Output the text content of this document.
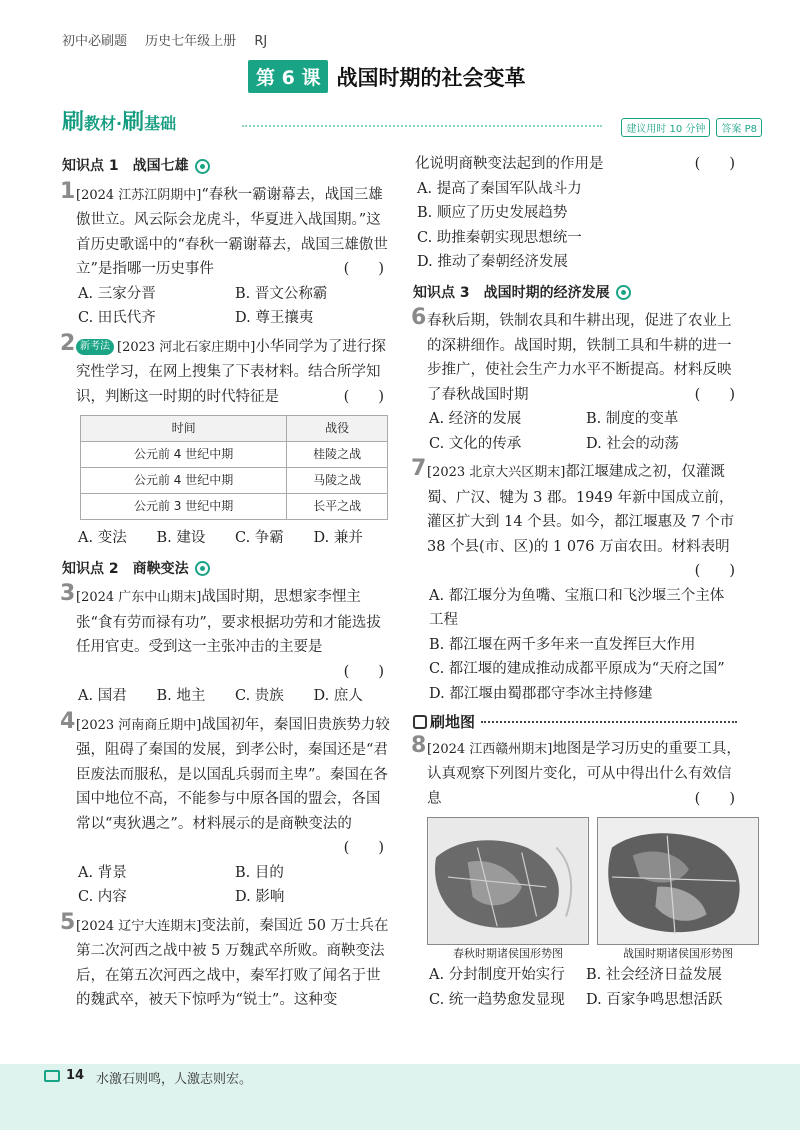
初中必刷题 历史七年级上册 RJ
第 6 课 战国时期的社会变革
刷教材·刷基础	建议用时 10 分钟	答案 P8
知识点 1　战国七雄
1 [2024 江苏江阴期中]“春秋一霸谢幕去，战国三雄傲世立。风云际会龙虎斗，华夏进入战国期。”这首历史歌谣中的“春秋一霸谢幕去，战国三雄傲世立”是指哪一历史事件	(　　)
A. 三家分晋	B. 晋文公称霸
C. 田氏代齐	D. 尊王攘夷
2 新考法 [2023 河北石家庄期中]小华同学为了进行探究性学习，在网上搜集了下表材料。结合所学知识，判断这一时期的时代特征是	(　　)
时间	战役
公元前 4 世纪中期	桂陵之战
公元前 4 世纪中期	马陵之战
公元前 3 世纪中期	长平之战
A. 变法	B. 建设	C. 争霸	D. 兼并
知识点 2　商鞅变法
3 [2024 广东中山期末]战国时期，思想家李悝主张“食有劳而禄有功”，要求根据功劳和才能选拔任用官吏。受到这一主张冲击的主要是
(　　)
A. 国君	B. 地主	C. 贵族	D. 庶人
4 [2023 河南商丘期中]战国初年，秦国旧贵族势力较强，阻碍了秦国的发展，到孝公时，秦国还是“君臣废法而服私，是以国乱兵弱而主卑”。秦国在各国中地位不高，不能参与中原各国的盟会，各国常以“夷狄遇之”。材料展示的是商鞅变法的
(　　)
A. 背景	B. 目的
C. 内容	D. 影响
5 [2024 辽宁大连期末]变法前，秦国近 50 万士兵在第二次河西之战中被 5 万魏武卒所败。商鞅变法后，在第五次河西之战中，秦军打败了闻名于世的魏武卒，被天下惊呼为“锐士”。这种变
化说明商鞅变法起到的作用是	(　　)
A. 提高了秦国军队战斗力
B. 顺应了历史发展趋势
C. 助推秦朝实现思想统一
D. 推动了秦朝经济发展
知识点 3　战国时期的经济发展
6 春秋后期，铁制农具和牛耕出现，促进了农业上的深耕细作。战国时期，铁制工具和牛耕的进一步推广，使社会生产力水平不断提高。材料反映了春秋战国时期	(　　)
A. 经济的发展	B. 制度的变革
C. 文化的传承	D. 社会的动荡
7 [2023 北京大兴区期末]都江堰建成之初，仅灌溉蜀、广汉、犍为 3 郡。1949 年新中国成立前，灌区扩大到 14 个县。如今，都江堰惠及 7 个市 38 个县(市、区)的 1 076 万亩农田。材料表明
(　　)
A. 都江堰分为鱼嘴、宝瓶口和飞沙堰三个主体
工程
B. 都江堰在两千多年来一直发挥巨大作用
C. 都江堰的建成推动成都平原成为“天府之国”
D. 都江堰由蜀郡郡守李冰主持修建
刷地图
8 [2024 江西赣州期末]地图是学习历史的重要工具，认真观察下列图片变化，可从中得出什么有效信息	(　　)
春秋时期诸侯国形势图	战国时期诸侯国形势图
A. 分封制度开始实行	B. 社会经济日益发展
C. 统一趋势愈发显现	D. 百家争鸣思想活跃
14 水激石则鸣，人激志则宏。
